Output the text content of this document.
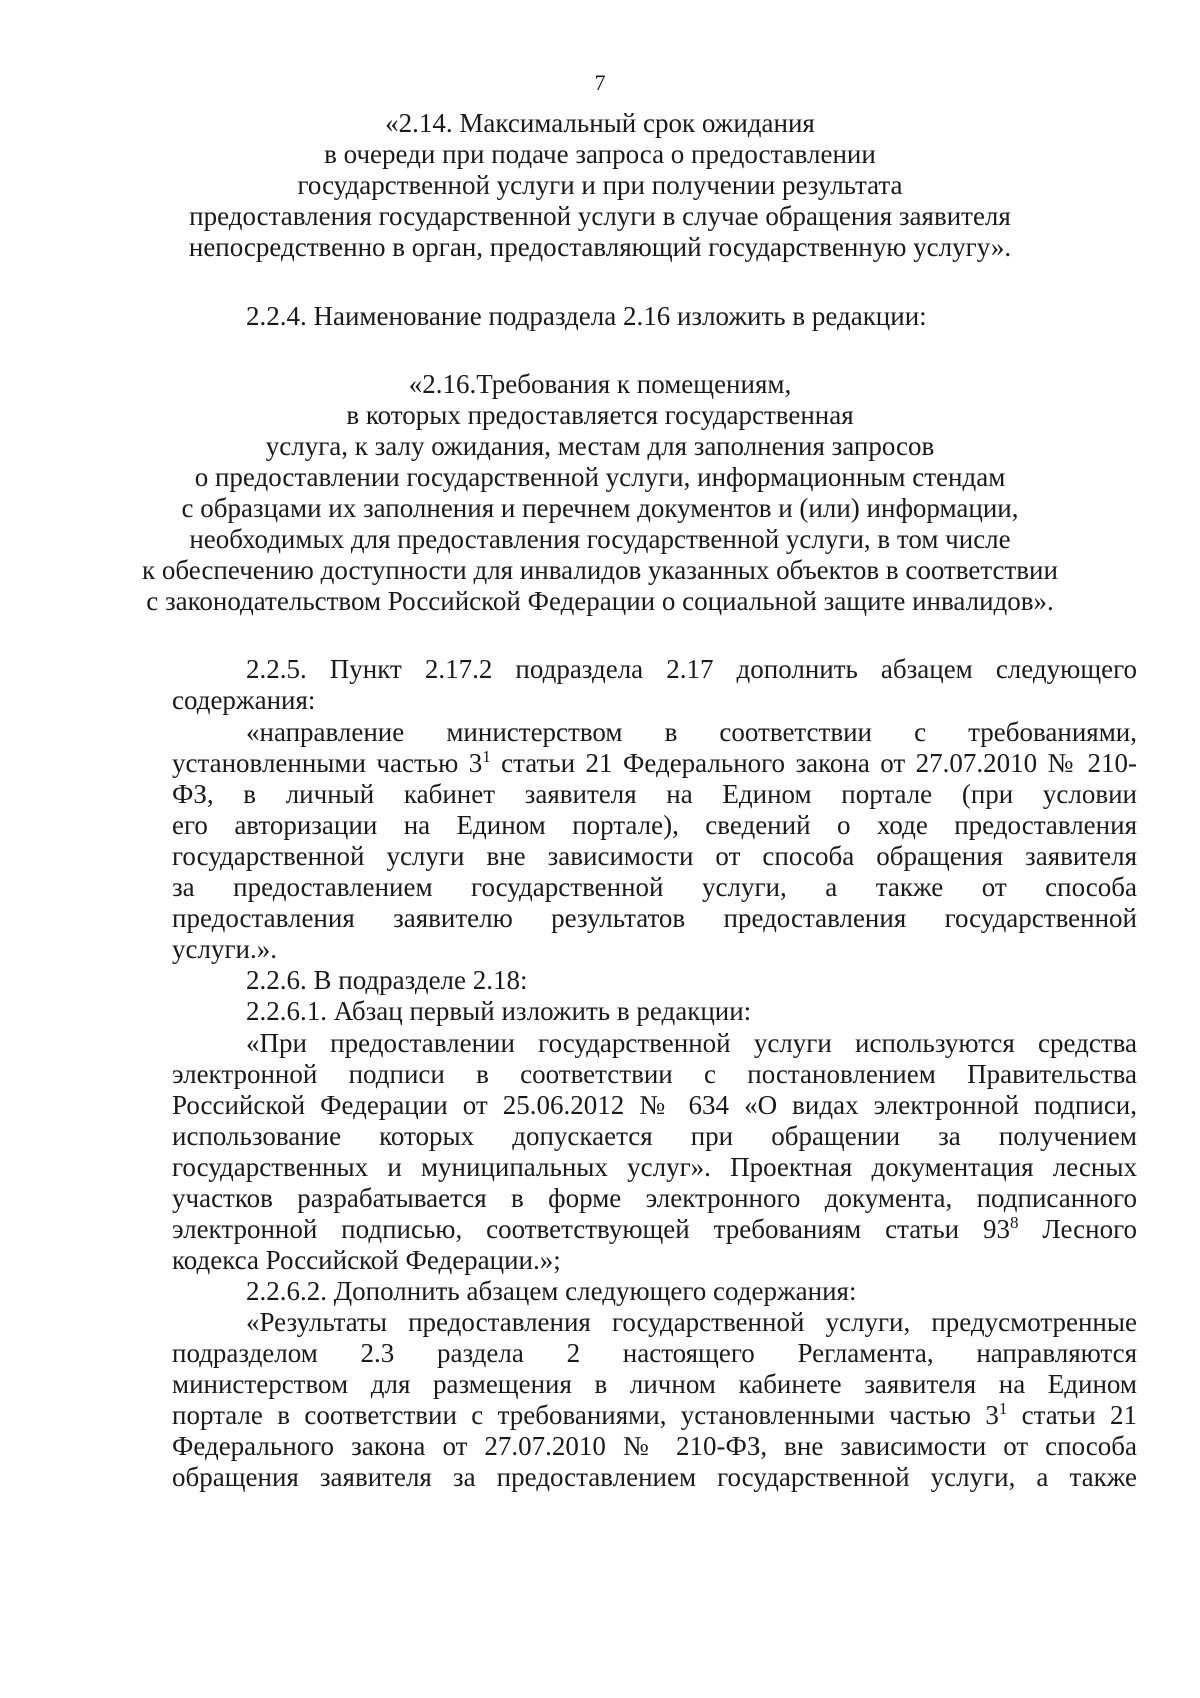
7
«2.14. Максимальный срок ожидания
в очереди при подаче запроса о предоставлении
государственной услуги и при получении результата
предоставления государственной услуги в случае обращения заявителя
непосредственно в орган, предоставляющий государственную услугу».
2.2.4. Наименование подраздела 2.16 изложить в редакции:
«2.16.Требования к помещениям,
в которых предоставляется государственная
услуга, к залу ожидания, местам для заполнения запросов
о предоставлении государственной услуги, информационным стендам
с образцами их заполнения и перечнем документов и (или) информации,
необходимых для предоставления государственной услуги, в том числе
к обеспечению доступности для инвалидов указанных объектов в соответствии
с законодательством Российской Федерации о социальной защите инвалидов».
2.2.5. Пункт 2.17.2 подраздела 2.17 дополнить абзацем следующего
содержания:
«направление министерством в соответствии с требованиями,
установленными частью $3^1$ статьи 21 Федерального закона от 27.07.2010 № 210-
ФЗ, в личный кабинет заявителя на Едином портале (при условии
его авторизации на Едином портале), сведений о ходе предоставления
государственной услуги вне зависимости от способа обращения заявителя
за предоставлением государственной услуги, а также от способа
предоставления заявителю результатов предоставления государственной
услуги.».
2.2.6. В подразделе 2.18:
2.2.6.1. Абзац первый изложить в редакции:
«При предоставлении государственной услуги используются средства
электронной подписи в соответствии с постановлением Правительства
Российской Федерации от 25.06.2012 № 634 «О видах электронной подписи,
использование которых допускается при обращении за получением
государственных и муниципальных услуг». Проектная документация лесных
участков разрабатывается в форме электронного документа, подписанного
электронной подписью, соответствующей требованиям статьи $93^8$ Лесного
кодекса Российской Федерации.»;
2.2.6.2. Дополнить абзацем следующего содержания:
«Результаты предоставления государственной услуги, предусмотренные
подразделом 2.3 раздела 2 настоящего Регламента, направляются
министерством для размещения в личном кабинете заявителя на Едином
портале в соответствии с требованиями, установленными частью $3^1$ статьи 21
Федерального закона от 27.07.2010 № 210-ФЗ, вне зависимости от способа
обращения заявителя за предоставлением государственной услуги, а также
